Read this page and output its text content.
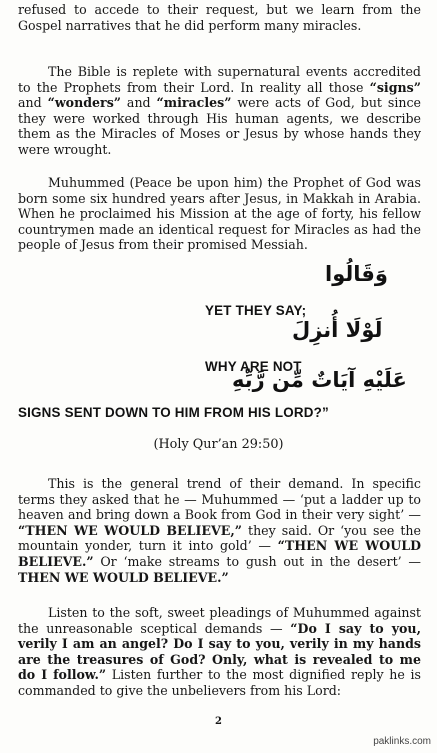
refused to accede to their request, but we learn from the Gospel narratives that he did perform many miracles.

The Bible is replete with supernatural events accredited to the Prophets from their Lord. In reality all those “signs” and “wonders” and “miracles” were acts of God, but since they were worked through His human agents, we describe them as the Miracles of Moses or Jesus by whose hands they were wrought.

Muhummed (Peace be upon him) the Prophet of God was born some six hundred years after Jesus, in Makkah in Arabia. When he proclaimed his Mission at the age of forty, his fellow countrymen made an identical request for Miracles as had the people of Jesus from their promised Messiah.

وَقَالُوا
YET THEY SAY;
لَوْلَا أُنزِلَ
WHY ARE NOT
عَلَيْهِ آيَاتٌ مِّن رَّبِّهِ
SIGNS SENT DOWN TO HIM FROM HIS LORD?”
(Holy Qur’an 29:50)

This is the general trend of their demand. In specific terms they asked that he — Muhummed — ‘put a ladder up to heaven and bring down a Book from God in their very sight’ — “THEN WE WOULD BELIEVE,” they said. Or ‘you see the mountain yonder, turn it into gold’ — “THEN WE WOULD BELIEVE.” Or ‘make streams to gush out in the desert’ — THEN WE WOULD BELIEVE.”

Listen to the soft, sweet pleadings of Muhummed against the unreasonable sceptical demands — “Do I say to you, verily I am an angel? Do I say to you, verily in my hands are the treasures of God? Only, what is revealed to me do I follow.” Listen further to the most dignified reply he is commanded to give the unbelievers from his Lord:

2
paklinks.com
